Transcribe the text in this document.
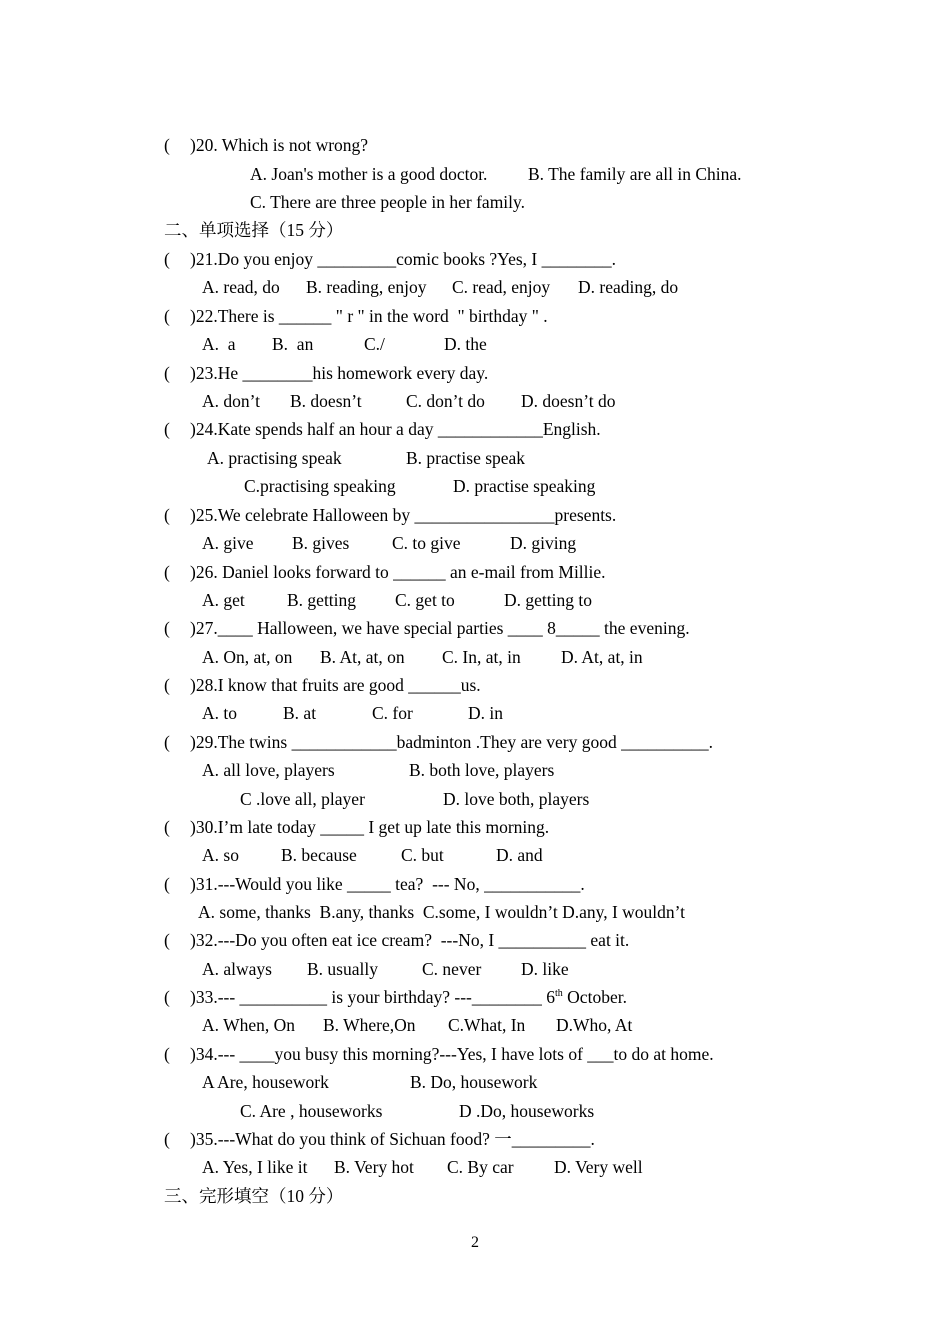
( )20. Which is not wrong?
A. Joan's mother is a good doctor. B. The family are all in China.
C. There are three people in her family.
二、单项选择（15 分）
( )21.Do you enjoy _________comic books ?Yes, I ________.
A. read, do B. reading, enjoy C. read, enjoy D. reading, do
( )22.There is ______ " r " in the word  " birthday " .
A.  a B.  an	C./	D. the
( )23.He ________his homework every day.
A. don’t B. doesn’t	C. don’t do D. doesn’t do
( )24.Kate spends half an hour a day ____________English.
A. practising speak	B. practise speak
C.practising speaking	D. practise speaking
( )25.We celebrate Halloween by ________________presents.
A. give B. gives C. to give	D. giving
( )26. Daniel looks forward to ______ an e-mail from Millie.
A. get B. getting C. get to	D. getting to
( )27.____ Halloween, we have special parties ____ 8_____ the evening.
A. On, at, on B. At, at, on C. In, at, in D. At, at, in
( )28.I know that fruits are good ______us.
A. to	B. at	C. for	D. in
( )29.The twins ____________badminton .They are very good __________.
A. all love, players	B. both love, players
C .love all, player	D. love both, players
( )30.I’m late today _____ I get up late this morning.
A. so B. because	C. but	D. and
( )31.---Would you like _____ tea?  --- No, ___________.
A. some, thanks  B.any, thanks  C.some, I wouldn’t D.any, I wouldn’t
( )32.---Do you often eat ice cream?  ---No, I __________ eat it.
A. always B. usually	C. never D. like
( )33.--- __________ is your birthday? ---________ 6th October.
A. When, On B. Where,On C.What, In D.Who, At
( )34.--- ____you busy this morning?---Yes, I have lots of ___to do at home.
A Are, housework	B. Do, housework
C. Are , houseworks	D .Do, houseworks
( )35.---What do you think of Sichuan food? 一_________.
A. Yes, I like it B. Very hot C. By car D. Very well
三、完形填空（10 分）
2
